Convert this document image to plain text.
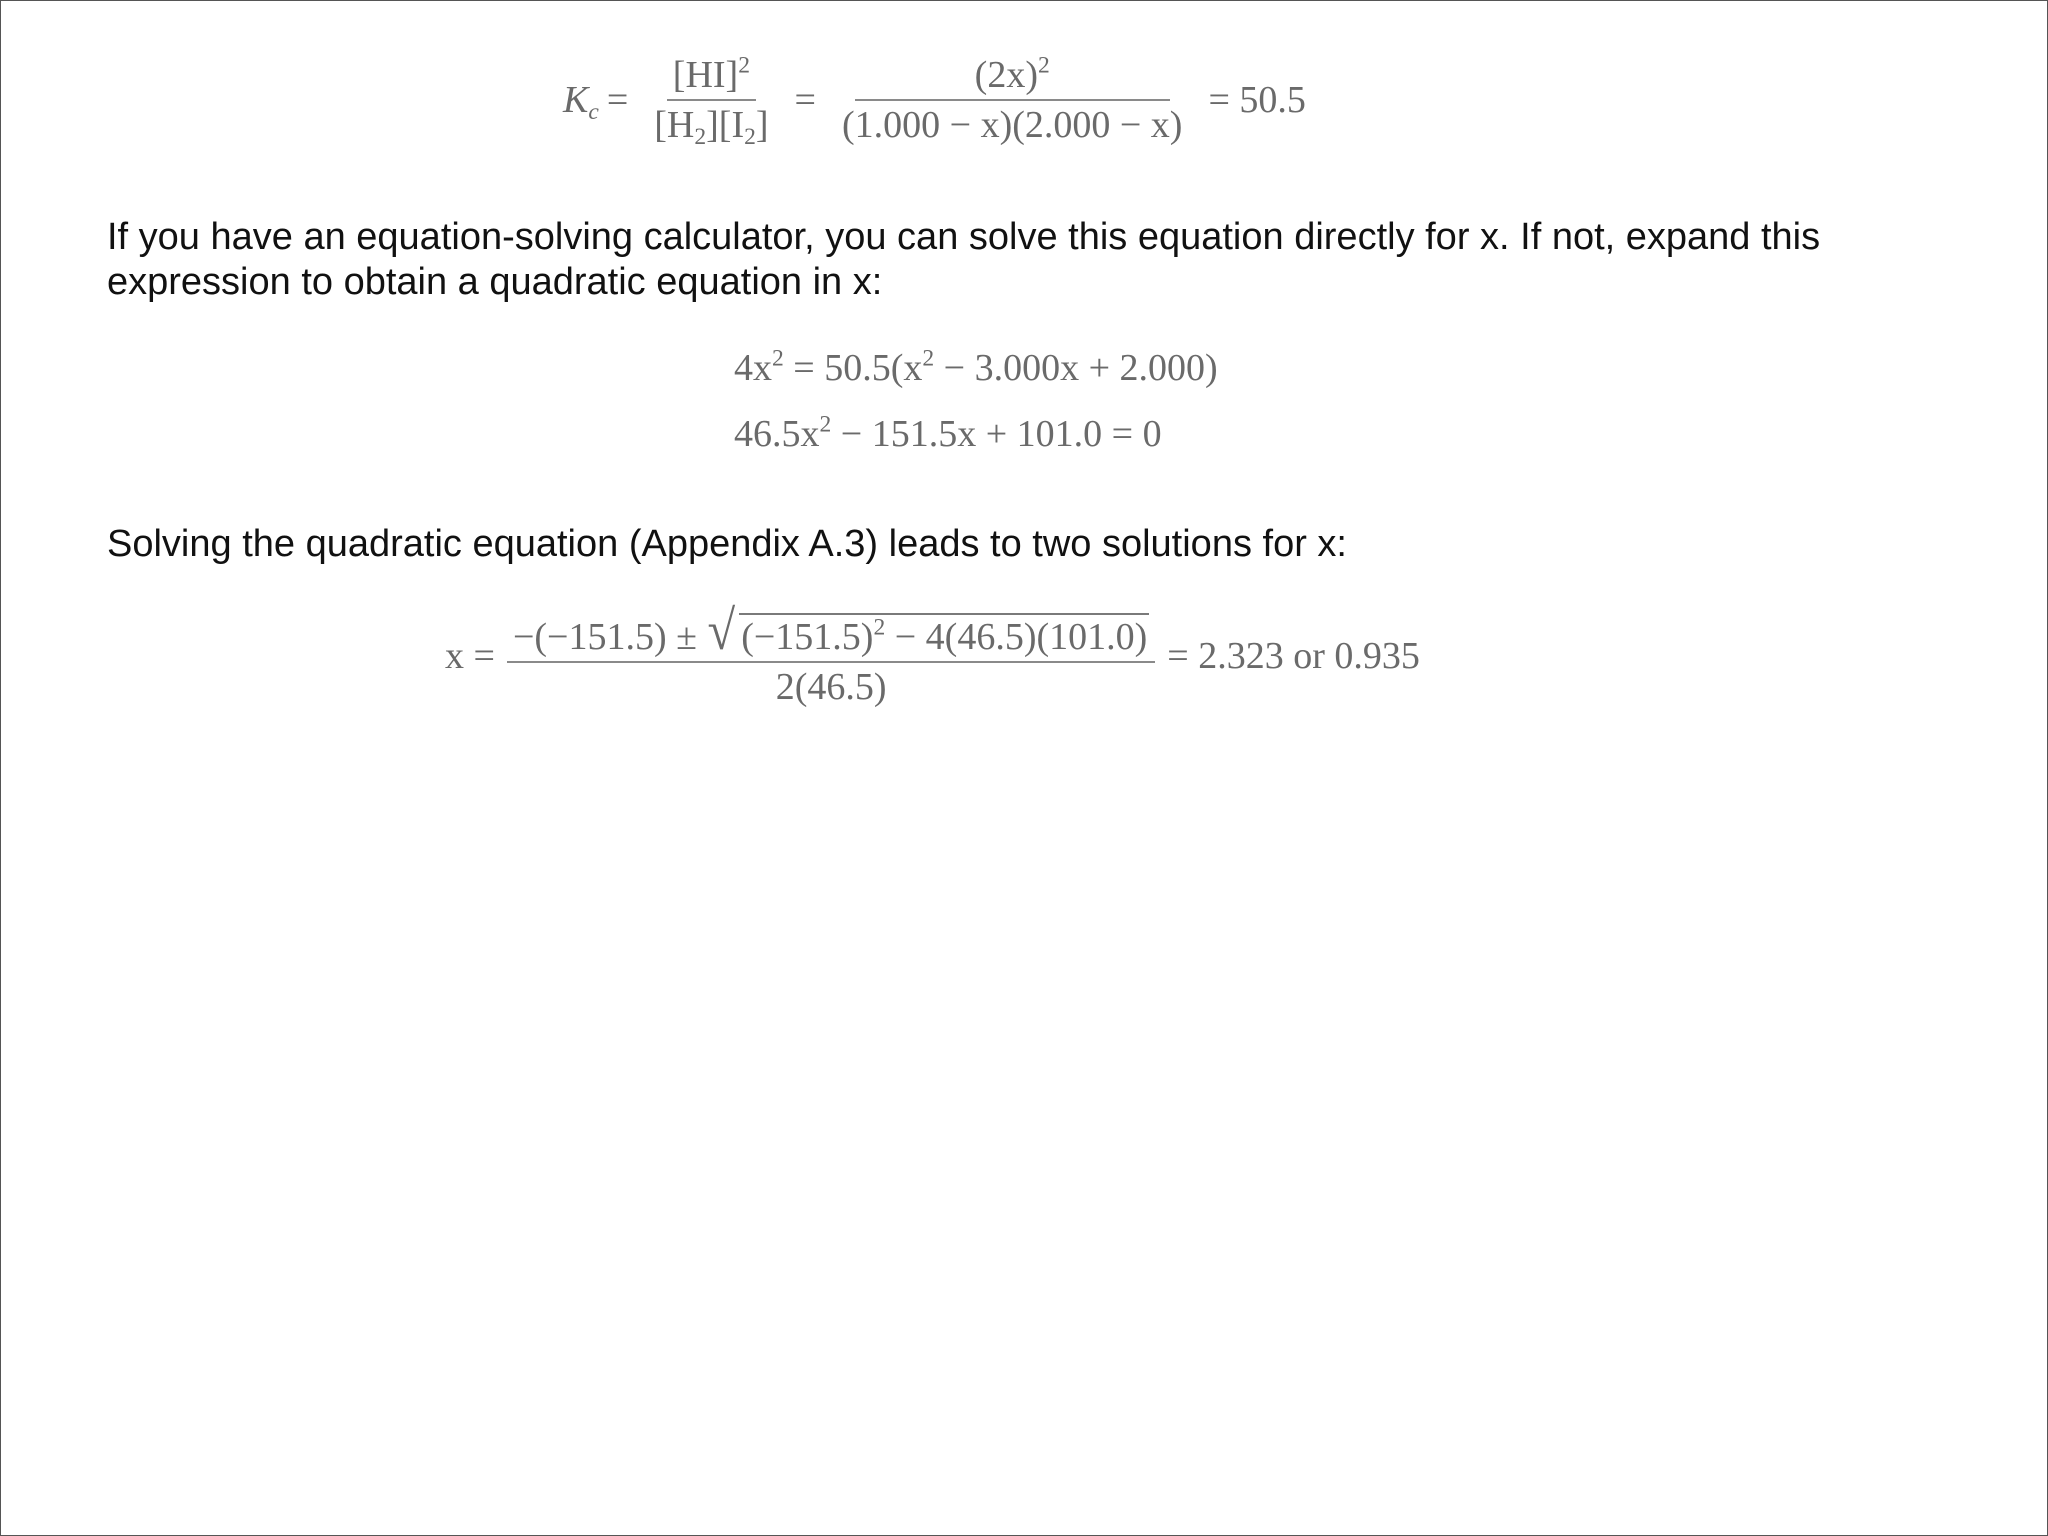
$K_c = \frac{[HI]^2}{[H_2][I_2]} = \frac{(2x)^2}{(1.000 - x)(2.000 - x)} = 50.5$

If you have an equation-solving calculator, you can solve this equation directly for x. If not, expand this expression to obtain a quadratic equation in x:

$4x^2 = 50.5(x^2 - 3.000x + 2.000)$
$46.5x^2 - 151.5x + 101.0 = 0$

Solving the quadratic equation (Appendix A.3) leads to two solutions for x:

x = −(−151.5) ± √ $(-151.5)^2 - 4(46.5)(101.0)$
2(46.5)
= 2.323 or 0.935
